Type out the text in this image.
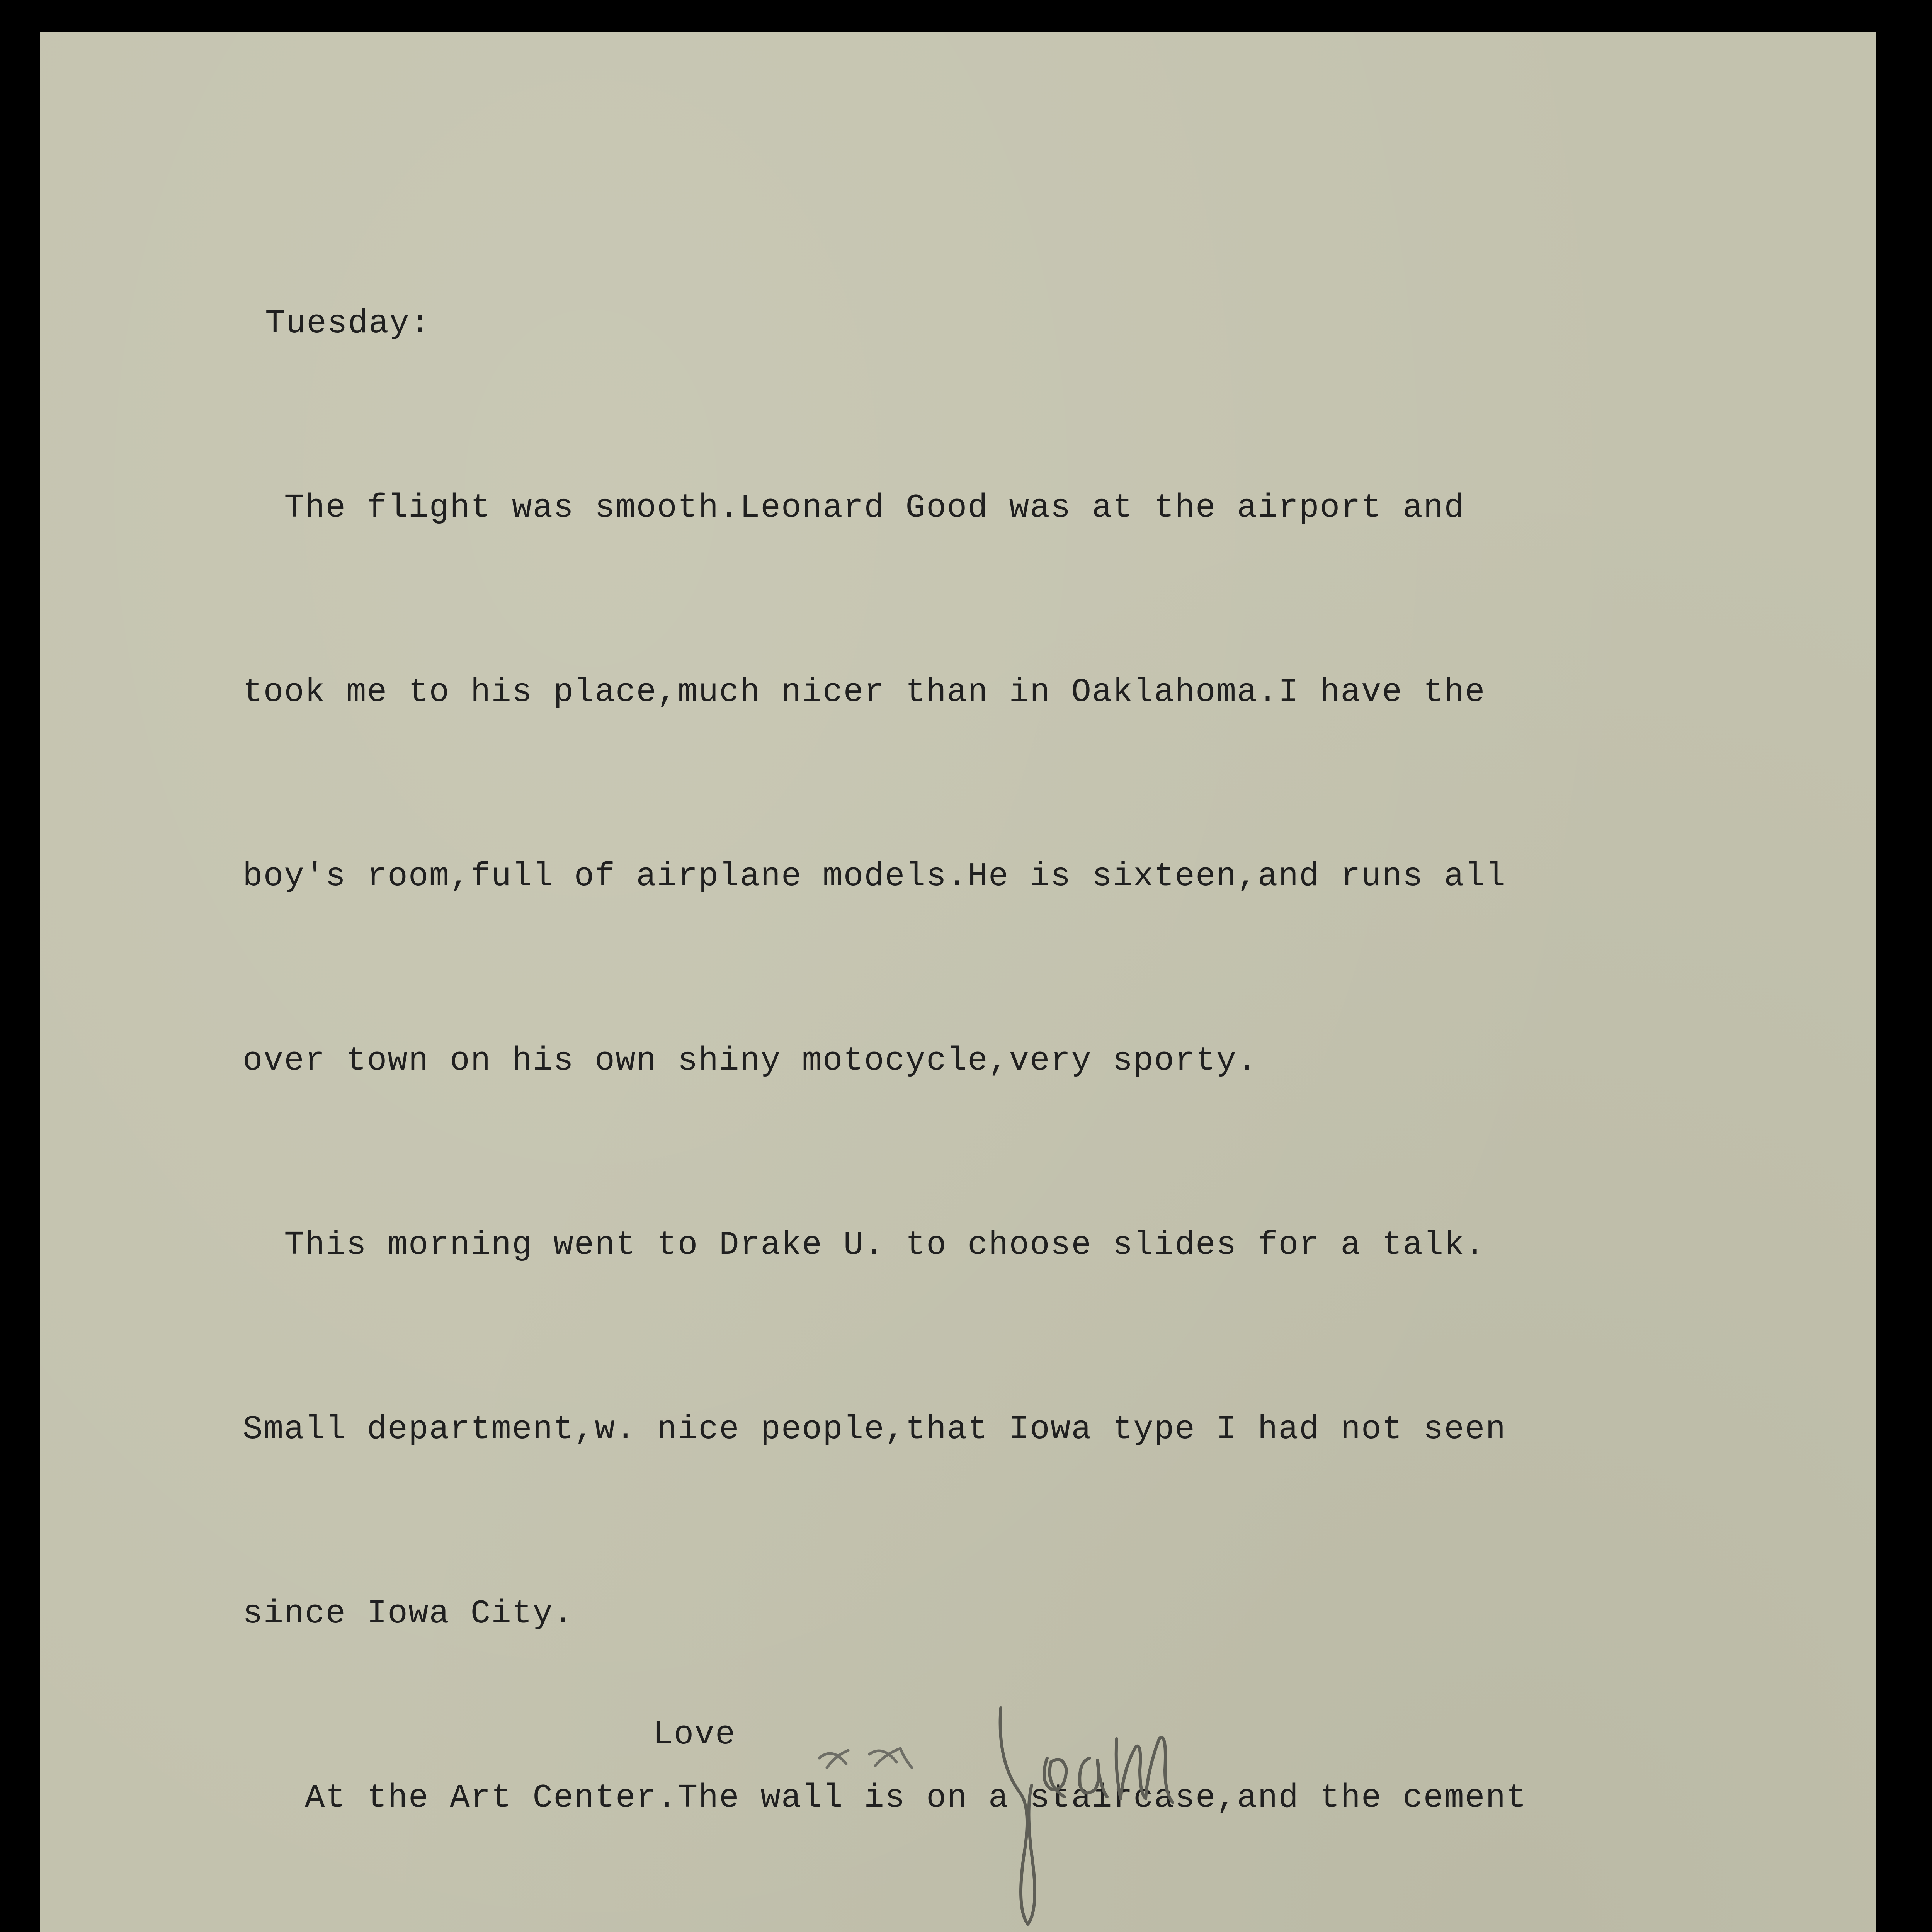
Tuesday:

The flight was smooth.Leonard Good was at the airport and

took me to his place,much nicer than in Oaklahoma.I have the

boy's room,full of airplane models.He is sixteen,and runs all

over town on his own shiny motocycle,very sporty.

This morning went to Drake U. to choose slides for a talk.

Small department,w. nice people,that Iowa type I had not seen

since Iowa City.

At the Art Center.The wall is on a staircase,and the cement

Love
